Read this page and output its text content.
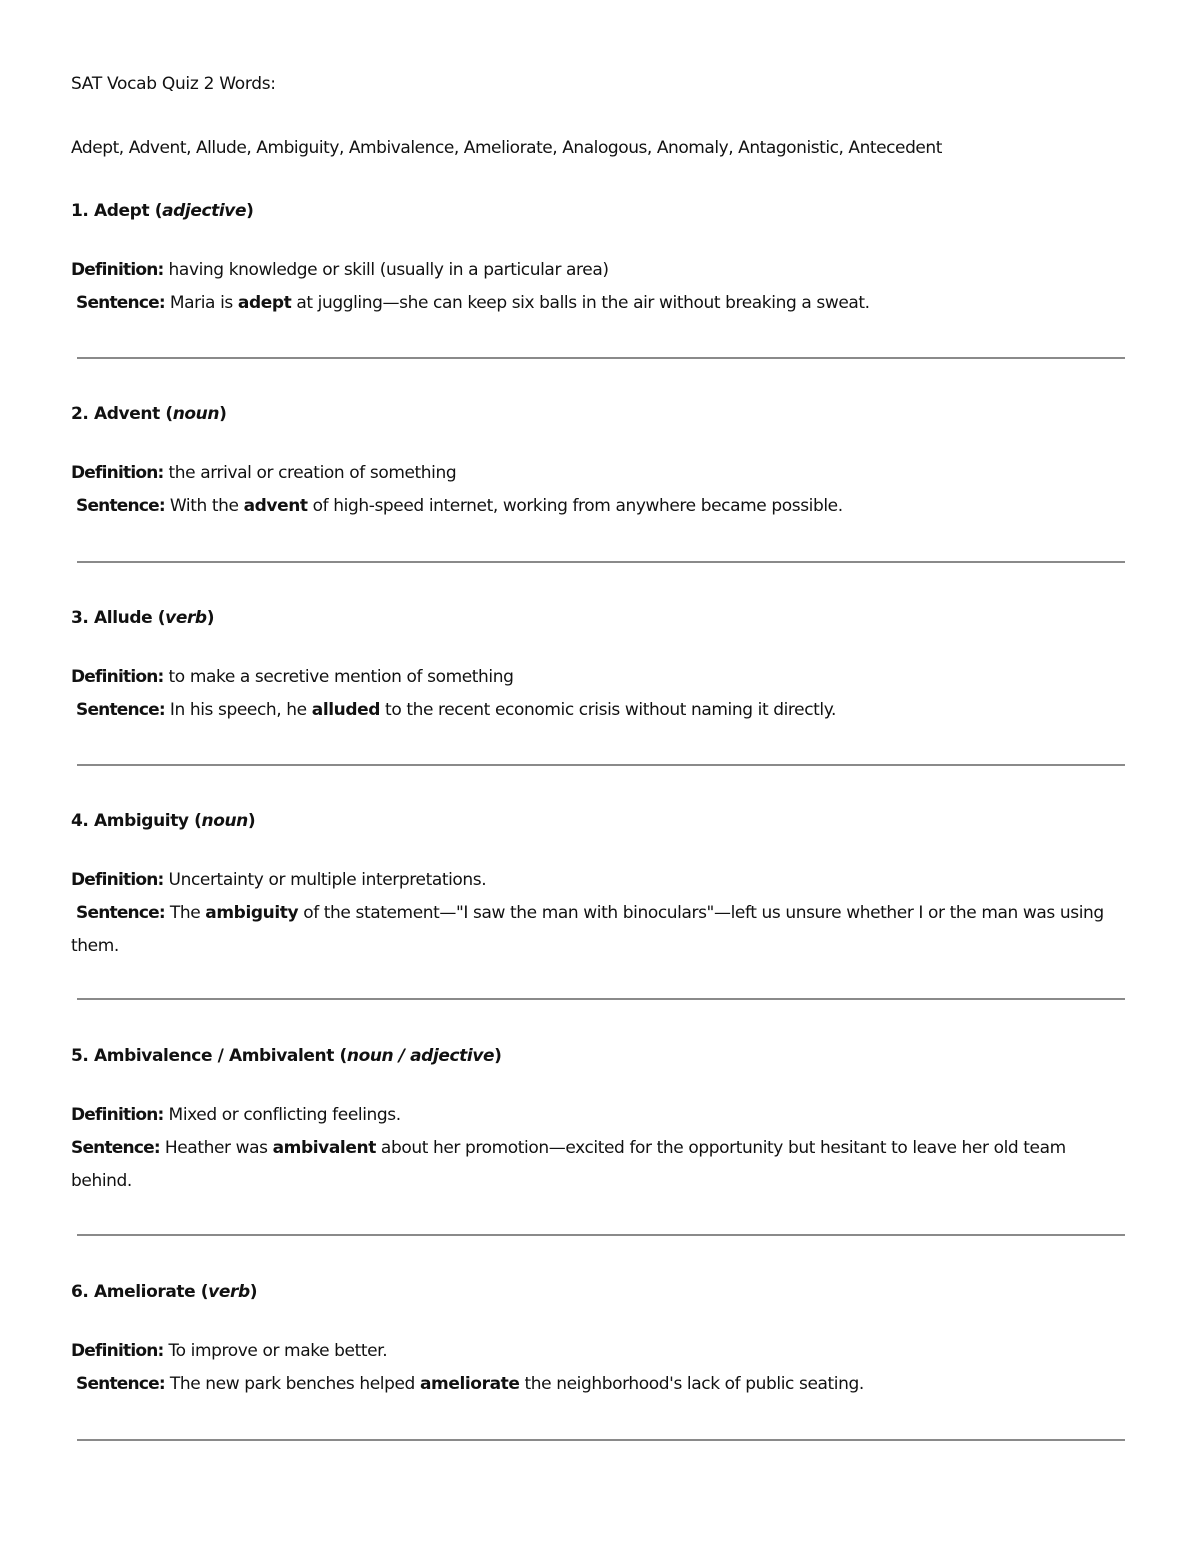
SAT Vocab Quiz 2 Words:
Adept, Advent, Allude, Ambiguity, Ambivalence, Ameliorate, Analogous, Anomaly, Antagonistic, Antecedent

1. Adept (adjective)

Definition: having knowledge or skill (usually in a particular area)
Sentence: Maria is adept at juggling—she can keep six balls in the air without breaking a sweat.

2. Advent (noun)

Definition: the arrival or creation of something
Sentence: With the advent of high-speed internet, working from anywhere became possible.

3. Allude (verb)

Definition: to make a secretive mention of something
Sentence: In his speech, he alluded to the recent economic crisis without naming it directly.

4. Ambiguity (noun)

Definition: Uncertainty or multiple interpretations.
Sentence: The ambiguity of the statement—"I saw the man with binoculars"—left us unsure whether I or the man was using them.

5. Ambivalence / Ambivalent (noun / adjective)

Definition: Mixed or conflicting feelings.
Sentence: Heather was ambivalent about her promotion—excited for the opportunity but hesitant to leave her old team behind.

6. Ameliorate (verb)

Definition: To improve or make better.
Sentence: The new park benches helped ameliorate the neighborhood's lack of public seating.
